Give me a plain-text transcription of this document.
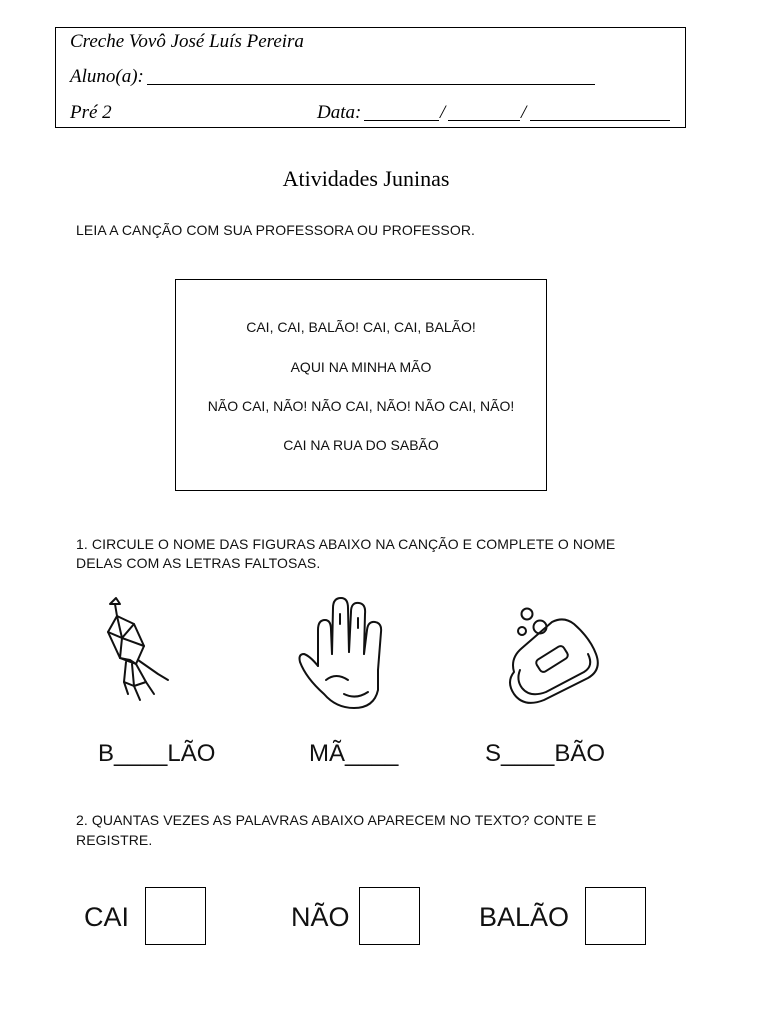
Creche Vovô José Luís Pereira
Aluno(a):
Pré 2	Data:	/	/
Atividades Juninas
LEIA A CANÇÃO COM SUA PROFESSORA OU PROFESSOR.
CAI, CAI, BALÃO! CAI, CAI, BALÃO!
AQUI NA MINHA MÃO
NÃO CAI, NÃO! NÃO CAI, NÃO! NÃO CAI, NÃO!
CAI NA RUA DO SABÃO
1. CIRCULE O NOME DAS FIGURAS ABAIXO NA CANÇÃO E COMPLETE O NOME
DELAS COM AS LETRAS FALTOSAS.
B____LÃO	MÃ____	S____BÃO
2. QUANTAS VEZES AS PALAVRAS ABAIXO APARECEM NO TEXTO? CONTE E
REGISTRE.
CAI	NÃO	BALÃO
